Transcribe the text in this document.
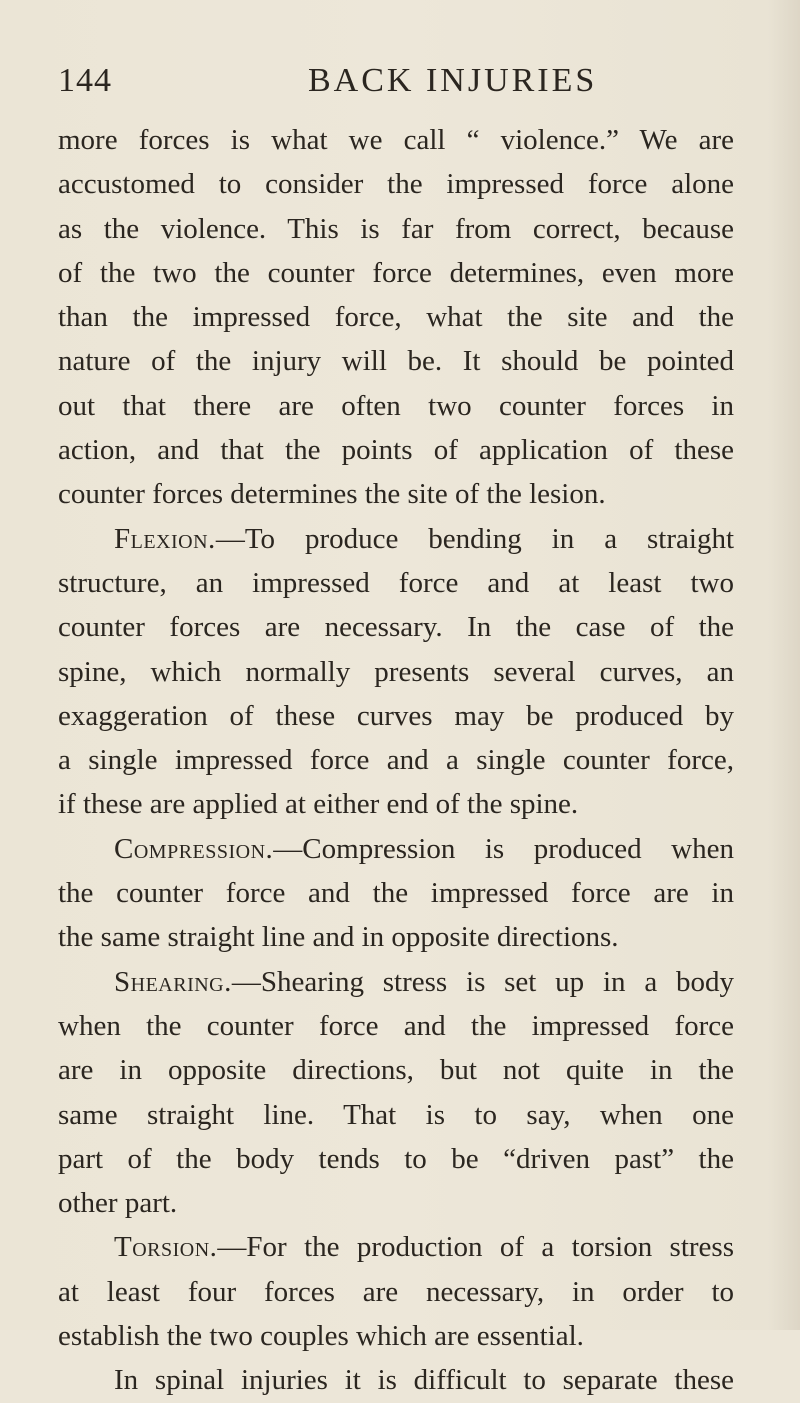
144	BACK INJURIES
more forces is what we call “ violence.” We are
accustomed to consider the impressed force alone
as the violence. This is far from correct, because
of the two the counter force determines, even more
than the impressed force, what the site and the
nature of the injury will be. It should be pointed
out that there are often two counter forces in
action, and that the points of application of these
counter forces determines the site of the lesion.
Flexion.—To produce bending in a straight
structure, an impressed force and at least two
counter forces are necessary. In the case of the
spine, which normally presents several curves, an
exaggeration of these curves may be produced by
a single impressed force and a single counter force,
if these are applied at either end of the spine.
Compression.—Compression is produced when
the counter force and the impressed force are in
the same straight line and in opposite directions.
Shearing.—Shearing stress is set up in a body
when the counter force and the impressed force
are in opposite directions, but not quite in the
same straight line. That is to say, when one
part of the body tends to be “driven past” the
other part.
Torsion.—For the production of a torsion stress
at least four forces are necessary, in order to
establish the two couples which are essential.
In spinal injuries it is difficult to separate these
